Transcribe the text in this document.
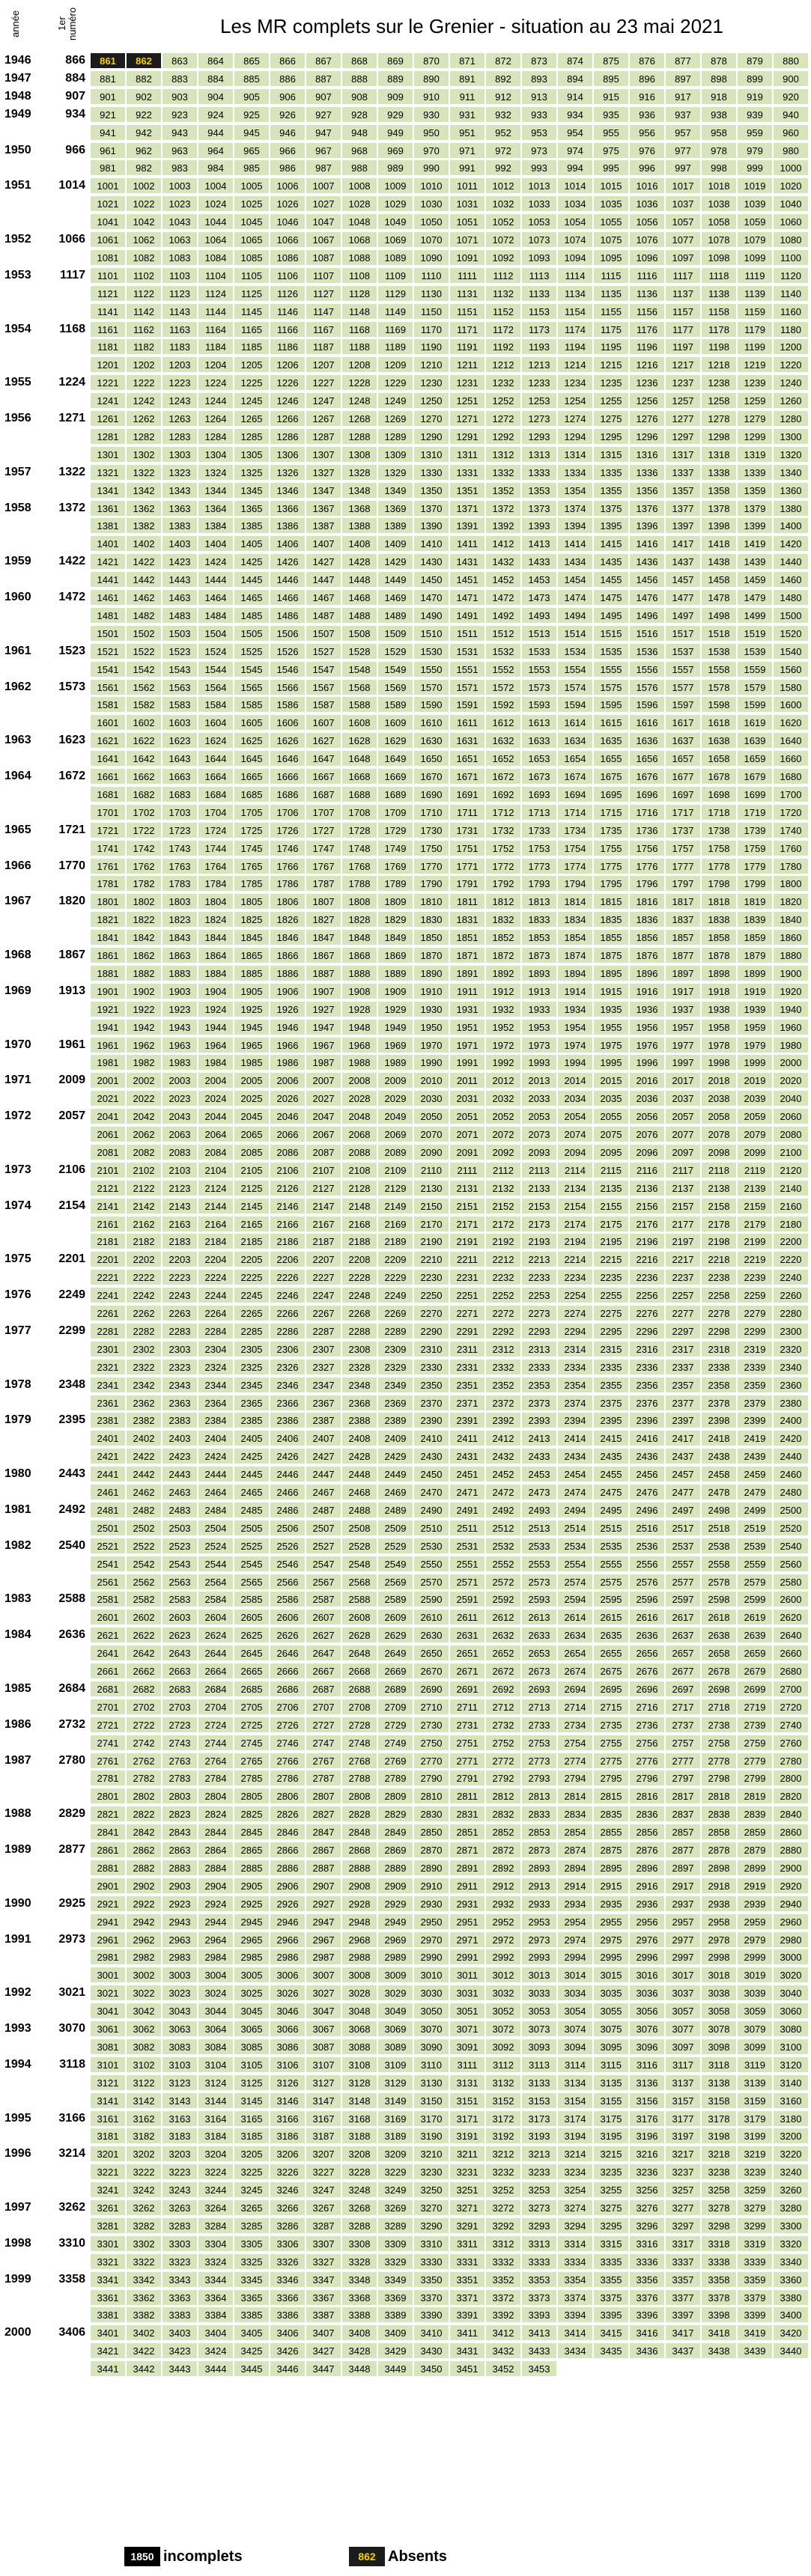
année	1er numéro	Les MR complets sur le Grenier - situation au 23 mai 2021
861	862	863	864	865	866	867	868	869	870	871	872	873	874	875	876	877	878	879	880
881	882	883	884	885	886	887	888	889	890	891	892	893	894	895	896	897	898	899	900
901	902	903	904	905	906	907	908	909	910	911	912	913	914	915	916	917	918	919	920
921	922	923	924	925	926	927	928	929	930	931	932	933	934	935	936	937	938	939	940
941	942	943	944	945	946	947	948	949	950	951	952	953	954	955	956	957	958	959	960
961	962	963	964	965	966	967	968	969	970	971	972	973	974	975	976	977	978	979	980
981	982	983	984	985	986	987	988	989	990	991	992	993	994	995	996	997	998	999	1000
1001	1002	1003	1004	1005	1006	1007	1008	1009	1010	1011	1012	1013	1014	1015	1016	1017	1018	1019	1020
1021	1022	1023	1024	1025	1026	1027	1028	1029	1030	1031	1032	1033	1034	1035	1036	1037	1038	1039	1040
1041	1042	1043	1044	1045	1046	1047	1048	1049	1050	1051	1052	1053	1054	1055	1056	1057	1058	1059	1060
1061	1062	1063	1064	1065	1066	1067	1068	1069	1070	1071	1072	1073	1074	1075	1076	1077	1078	1079	1080
1081	1082	1083	1084	1085	1086	1087	1088	1089	1090	1091	1092	1093	1094	1095	1096	1097	1098	1099	1100
1101	1102	1103	1104	1105	1106	1107	1108	1109	1110	1111	1112	1113	1114	1115	1116	1117	1118	1119	1120
1121	1122	1123	1124	1125	1126	1127	1128	1129	1130	1131	1132	1133	1134	1135	1136	1137	1138	1139	1140
1141	1142	1143	1144	1145	1146	1147	1148	1149	1150	1151	1152	1153	1154	1155	1156	1157	1158	1159	1160
1161	1162	1163	1164	1165	1166	1167	1168	1169	1170	1171	1172	1173	1174	1175	1176	1177	1178	1179	1180
1181	1182	1183	1184	1185	1186	1187	1188	1189	1190	1191	1192	1193	1194	1195	1196	1197	1198	1199	1200
1201	1202	1203	1204	1205	1206	1207	1208	1209	1210	1211	1212	1213	1214	1215	1216	1217	1218	1219	1220
1221	1222	1223	1224	1225	1226	1227	1228	1229	1230	1231	1232	1233	1234	1235	1236	1237	1238	1239	1240
1241	1242	1243	1244	1245	1246	1247	1248	1249	1250	1251	1252	1253	1254	1255	1256	1257	1258	1259	1260
1261	1262	1263	1264	1265	1266	1267	1268	1269	1270	1271	1272	1273	1274	1275	1276	1277	1278	1279	1280
1281	1282	1283	1284	1285	1286	1287	1288	1289	1290	1291	1292	1293	1294	1295	1296	1297	1298	1299	1300
1301	1302	1303	1304	1305	1306	1307	1308	1309	1310	1311	1312	1313	1314	1315	1316	1317	1318	1319	1320
1321	1322	1323	1324	1325	1326	1327	1328	1329	1330	1331	1332	1333	1334	1335	1336	1337	1338	1339	1340
1341	1342	1343	1344	1345	1346	1347	1348	1349	1350	1351	1352	1353	1354	1355	1356	1357	1358	1359	1360
1361	1362	1363	1364	1365	1366	1367	1368	1369	1370	1371	1372	1373	1374	1375	1376	1377	1378	1379	1380
1381	1382	1383	1384	1385	1386	1387	1388	1389	1390	1391	1392	1393	1394	1395	1396	1397	1398	1399	1400
1401	1402	1403	1404	1405	1406	1407	1408	1409	1410	1411	1412	1413	1414	1415	1416	1417	1418	1419	1420
1421	1422	1423	1424	1425	1426	1427	1428	1429	1430	1431	1432	1433	1434	1435	1436	1437	1438	1439	1440
1441	1442	1443	1444	1445	1446	1447	1448	1449	1450	1451	1452	1453	1454	1455	1456	1457	1458	1459	1460
1461	1462	1463	1464	1465	1466	1467	1468	1469	1470	1471	1472	1473	1474	1475	1476	1477	1478	1479	1480
1481	1482	1483	1484	1485	1486	1487	1488	1489	1490	1491	1492	1493	1494	1495	1496	1497	1498	1499	1500
1501	1502	1503	1504	1505	1506	1507	1508	1509	1510	1511	1512	1513	1514	1515	1516	1517	1518	1519	1520
1521	1522	1523	1524	1525	1526	1527	1528	1529	1530	1531	1532	1533	1534	1535	1536	1537	1538	1539	1540
1541	1542	1543	1544	1545	1546	1547	1548	1549	1550	1551	1552	1553	1554	1555	1556	1557	1558	1559	1560
1561	1562	1563	1564	1565	1566	1567	1568	1569	1570	1571	1572	1573	1574	1575	1576	1577	1578	1579	1580
1581	1582	1583	1584	1585	1586	1587	1588	1589	1590	1591	1592	1593	1594	1595	1596	1597	1598	1599	1600
1601	1602	1603	1604	1605	1606	1607	1608	1609	1610	1611	1612	1613	1614	1615	1616	1617	1618	1619	1620
1621	1622	1623	1624	1625	1626	1627	1628	1629	1630	1631	1632	1633	1634	1635	1636	1637	1638	1639	1640
1641	1642	1643	1644	1645	1646	1647	1648	1649	1650	1651	1652	1653	1654	1655	1656	1657	1658	1659	1660
1661	1662	1663	1664	1665	1666	1667	1668	1669	1670	1671	1672	1673	1674	1675	1676	1677	1678	1679	1680
1681	1682	1683	1684	1685	1686	1687	1688	1689	1690	1691	1692	1693	1694	1695	1696	1697	1698	1699	1700
1701	1702	1703	1704	1705	1706	1707	1708	1709	1710	1711	1712	1713	1714	1715	1716	1717	1718	1719	1720
1721	1722	1723	1724	1725	1726	1727	1728	1729	1730	1731	1732	1733	1734	1735	1736	1737	1738	1739	1740
1741	1742	1743	1744	1745	1746	1747	1748	1749	1750	1751	1752	1753	1754	1755	1756	1757	1758	1759	1760
1761	1762	1763	1764	1765	1766	1767	1768	1769	1770	1771	1772	1773	1774	1775	1776	1777	1778	1779	1780
1781	1782	1783	1784	1785	1786	1787	1788	1789	1790	1791	1792	1793	1794	1795	1796	1797	1798	1799	1800
1801	1802	1803	1804	1805	1806	1807	1808	1809	1810	1811	1812	1813	1814	1815	1816	1817	1818	1819	1820
1821	1822	1823	1824	1825	1826	1827	1828	1829	1830	1831	1832	1833	1834	1835	1836	1837	1838	1839	1840
1841	1842	1843	1844	1845	1846	1847	1848	1849	1850	1851	1852	1853	1854	1855	1856	1857	1858	1859	1860
1861	1862	1863	1864	1865	1866	1867	1868	1869	1870	1871	1872	1873	1874	1875	1876	1877	1878	1879	1880
1881	1882	1883	1884	1885	1886	1887	1888	1889	1890	1891	1892	1893	1894	1895	1896	1897	1898	1899	1900
1901	1902	1903	1904	1905	1906	1907	1908	1909	1910	1911	1912	1913	1914	1915	1916	1917	1918	1919	1920
1921	1922	1923	1924	1925	1926	1927	1928	1929	1930	1931	1932	1933	1934	1935	1936	1937	1938	1939	1940
1941	1942	1943	1944	1945	1946	1947	1948	1949	1950	1951	1952	1953	1954	1955	1956	1957	1958	1959	1960
1961	1962	1963	1964	1965	1966	1967	1968	1969	1970	1971	1972	1973	1974	1975	1976	1977	1978	1979	1980
1981	1982	1983	1984	1985	1986	1987	1988	1989	1990	1991	1992	1993	1994	1995	1996	1997	1998	1999	2000
2001	2002	2003	2004	2005	2006	2007	2008	2009	2010	2011	2012	2013	2014	2015	2016	2017	2018	2019	2020
2021	2022	2023	2024	2025	2026	2027	2028	2029	2030	2031	2032	2033	2034	2035	2036	2037	2038	2039	2040
2041	2042	2043	2044	2045	2046	2047	2048	2049	2050	2051	2052	2053	2054	2055	2056	2057	2058	2059	2060
2061	2062	2063	2064	2065	2066	2067	2068	2069	2070	2071	2072	2073	2074	2075	2076	2077	2078	2079	2080
2081	2082	2083	2084	2085	2086	2087	2088	2089	2090	2091	2092	2093	2094	2095	2096	2097	2098	2099	2100
2101	2102	2103	2104	2105	2106	2107	2108	2109	2110	2111	2112	2113	2114	2115	2116	2117	2118	2119	2120
2121	2122	2123	2124	2125	2126	2127	2128	2129	2130	2131	2132	2133	2134	2135	2136	2137	2138	2139	2140
2141	2142	2143	2144	2145	2146	2147	2148	2149	2150	2151	2152	2153	2154	2155	2156	2157	2158	2159	2160
2161	2162	2163	2164	2165	2166	2167	2168	2169	2170	2171	2172	2173	2174	2175	2176	2177	2178	2179	2180
2181	2182	2183	2184	2185	2186	2187	2188	2189	2190	2191	2192	2193	2194	2195	2196	2197	2198	2199	2200
2201	2202	2203	2204	2205	2206	2207	2208	2209	2210	2211	2212	2213	2214	2215	2216	2217	2218	2219	2220
2221	2222	2223	2224	2225	2226	2227	2228	2229	2230	2231	2232	2233	2234	2235	2236	2237	2238	2239	2240
2241	2242	2243	2244	2245	2246	2247	2248	2249	2250	2251	2252	2253	2254	2255	2256	2257	2258	2259	2260
2261	2262	2263	2264	2265	2266	2267	2268	2269	2270	2271	2272	2273	2274	2275	2276	2277	2278	2279	2280
2281	2282	2283	2284	2285	2286	2287	2288	2289	2290	2291	2292	2293	2294	2295	2296	2297	2298	2299	2300
2301	2302	2303	2304	2305	2306	2307	2308	2309	2310	2311	2312	2313	2314	2315	2316	2317	2318	2319	2320
2321	2322	2323	2324	2325	2326	2327	2328	2329	2330	2331	2332	2333	2334	2335	2336	2337	2338	2339	2340
2341	2342	2343	2344	2345	2346	2347	2348	2349	2350	2351	2352	2353	2354	2355	2356	2357	2358	2359	2360
2361	2362	2363	2364	2365	2366	2367	2368	2369	2370	2371	2372	2373	2374	2375	2376	2377	2378	2379	2380
2381	2382	2383	2384	2385	2386	2387	2388	2389	2390	2391	2392	2393	2394	2395	2396	2397	2398	2399	2400
2401	2402	2403	2404	2405	2406	2407	2408	2409	2410	2411	2412	2413	2414	2415	2416	2417	2418	2419	2420
2421	2422	2423	2424	2425	2426	2427	2428	2429	2430	2431	2432	2433	2434	2435	2436	2437	2438	2439	2440
2441	2442	2443	2444	2445	2446	2447	2448	2449	2450	2451	2452	2453	2454	2455	2456	2457	2458	2459	2460
2461	2462	2463	2464	2465	2466	2467	2468	2469	2470	2471	2472	2473	2474	2475	2476	2477	2478	2479	2480
2481	2482	2483	2484	2485	2486	2487	2488	2489	2490	2491	2492	2493	2494	2495	2496	2497	2498	2499	2500
2501	2502	2503	2504	2505	2506	2507	2508	2509	2510	2511	2512	2513	2514	2515	2516	2517	2518	2519	2520
2521	2522	2523	2524	2525	2526	2527	2528	2529	2530	2531	2532	2533	2534	2535	2536	2537	2538	2539	2540
2541	2542	2543	2544	2545	2546	2547	2548	2549	2550	2551	2552	2553	2554	2555	2556	2557	2558	2559	2560
2561	2562	2563	2564	2565	2566	2567	2568	2569	2570	2571	2572	2573	2574	2575	2576	2577	2578	2579	2580
2581	2582	2583	2584	2585	2586	2587	2588	2589	2590	2591	2592	2593	2594	2595	2596	2597	2598	2599	2600
2601	2602	2603	2604	2605	2606	2607	2608	2609	2610	2611	2612	2613	2614	2615	2616	2617	2618	2619	2620
2621	2622	2623	2624	2625	2626	2627	2628	2629	2630	2631	2632	2633	2634	2635	2636	2637	2638	2639	2640
2641	2642	2643	2644	2645	2646	2647	2648	2649	2650	2651	2652	2653	2654	2655	2656	2657	2658	2659	2660
2661	2662	2663	2664	2665	2666	2667	2668	2669	2670	2671	2672	2673	2674	2675	2676	2677	2678	2679	2680
2681	2682	2683	2684	2685	2686	2687	2688	2689	2690	2691	2692	2693	2694	2695	2696	2697	2698	2699	2700
2701	2702	2703	2704	2705	2706	2707	2708	2709	2710	2711	2712	2713	2714	2715	2716	2717	2718	2719	2720
2721	2722	2723	2724	2725	2726	2727	2728	2729	2730	2731	2732	2733	2734	2735	2736	2737	2738	2739	2740
2741	2742	2743	2744	2745	2746	2747	2748	2749	2750	2751	2752	2753	2754	2755	2756	2757	2758	2759	2760
2761	2762	2763	2764	2765	2766	2767	2768	2769	2770	2771	2772	2773	2774	2775	2776	2777	2778	2779	2780
2781	2782	2783	2784	2785	2786	2787	2788	2789	2790	2791	2792	2793	2794	2795	2796	2797	2798	2799	2800
2801	2802	2803	2804	2805	2806	2807	2808	2809	2810	2811	2812	2813	2814	2815	2816	2817	2818	2819	2820
2821	2822	2823	2824	2825	2826	2827	2828	2829	2830	2831	2832	2833	2834	2835	2836	2837	2838	2839	2840
2841	2842	2843	2844	2845	2846	2847	2848	2849	2850	2851	2852	2853	2854	2855	2856	2857	2858	2859	2860
2861	2862	2863	2864	2865	2866	2867	2868	2869	2870	2871	2872	2873	2874	2875	2876	2877	2878	2879	2880
2881	2882	2883	2884	2885	2886	2887	2888	2889	2890	2891	2892	2893	2894	2895	2896	2897	2898	2899	2900
2901	2902	2903	2904	2905	2906	2907	2908	2909	2910	2911	2912	2913	2914	2915	2916	2917	2918	2919	2920
2921	2922	2923	2924	2925	2926	2927	2928	2929	2930	2931	2932	2933	2934	2935	2936	2937	2938	2939	2940
2941	2942	2943	2944	2945	2946	2947	2948	2949	2950	2951	2952	2953	2954	2955	2956	2957	2958	2959	2960
2961	2962	2963	2964	2965	2966	2967	2968	2969	2970	2971	2972	2973	2974	2975	2976	2977	2978	2979	2980
2981	2982	2983	2984	2985	2986	2987	2988	2989	2990	2991	2992	2993	2994	2995	2996	2997	2998	2999	3000
3001	3002	3003	3004	3005	3006	3007	3008	3009	3010	3011	3012	3013	3014	3015	3016	3017	3018	3019	3020
3021	3022	3023	3024	3025	3026	3027	3028	3029	3030	3031	3032	3033	3034	3035	3036	3037	3038	3039	3040
3041	3042	3043	3044	3045	3046	3047	3048	3049	3050	3051	3052	3053	3054	3055	3056	3057	3058	3059	3060
3061	3062	3063	3064	3065	3066	3067	3068	3069	3070	3071	3072	3073	3074	3075	3076	3077	3078	3079	3080
3081	3082	3083	3084	3085	3086	3087	3088	3089	3090	3091	3092	3093	3094	3095	3096	3097	3098	3099	3100
3101	3102	3103	3104	3105	3106	3107	3108	3109	3110	3111	3112	3113	3114	3115	3116	3117	3118	3119	3120
3121	3122	3123	3124	3125	3126	3127	3128	3129	3130	3131	3132	3133	3134	3135	3136	3137	3138	3139	3140
3141	3142	3143	3144	3145	3146	3147	3148	3149	3150	3151	3152	3153	3154	3155	3156	3157	3158	3159	3160
3161	3162	3163	3164	3165	3166	3167	3168	3169	3170	3171	3172	3173	3174	3175	3176	3177	3178	3179	3180
3181	3182	3183	3184	3185	3186	3187	3188	3189	3190	3191	3192	3193	3194	3195	3196	3197	3198	3199	3200
3201	3202	3203	3204	3205	3206	3207	3208	3209	3210	3211	3212	3213	3214	3215	3216	3217	3218	3219	3220
3221	3222	3223	3224	3225	3226	3227	3228	3229	3230	3231	3232	3233	3234	3235	3236	3237	3238	3239	3240
3241	3242	3243	3244	3245	3246	3247	3248	3249	3250	3251	3252	3253	3254	3255	3256	3257	3258	3259	3260
3261	3262	3263	3264	3265	3266	3267	3268	3269	3270	3271	3272	3273	3274	3275	3276	3277	3278	3279	3280
3281	3282	3283	3284	3285	3286	3287	3288	3289	3290	3291	3292	3293	3294	3295	3296	3297	3298	3299	3300
3301	3302	3303	3304	3305	3306	3307	3308	3309	3310	3311	3312	3313	3314	3315	3316	3317	3318	3319	3320
3321	3322	3323	3324	3325	3326	3327	3328	3329	3330	3331	3332	3333	3334	3335	3336	3337	3338	3339	3340
3341	3342	3343	3344	3345	3346	3347	3348	3349	3350	3351	3352	3353	3354	3355	3356	3357	3358	3359	3360
3361	3362	3363	3364	3365	3366	3367	3368	3369	3370	3371	3372	3373	3374	3375	3376	3377	3378	3379	3380
3381	3382	3383	3384	3385	3386	3387	3388	3389	3390	3391	3392	3393	3394	3395	3396	3397	3398	3399	3400
3401	3402	3403	3404	3405	3406	3407	3408	3409	3410	3411	3412	3413	3414	3415	3416	3417	3418	3419	3420
3421	3422	3423	3424	3425	3426	3427	3428	3429	3430	3431	3432	3433	3434	3435	3436	3437	3438	3439	3440
3441	3442	3443	3444	3445	3446	3447	3448	3449	3450	3451	3452	3453
1946	866
1947	884
1948	907
1949	934
1950	966
1951	1014
1952	1066
1953	1117
1954	1168
1955	1224
1956	1271
1957	1322
1958	1372
1959	1422
1960	1472
1961	1523
1962	1573
1963	1623
1964	1672
1965	1721
1966	1770
1967	1820
1968	1867
1969	1913
1970	1961
1971	2009
1972	2057
1973	2106
1974	2154
1975	2201
1976	2249
1977	2299
1978	2348
1979	2395
1980	2443
1981	2492
1982	2540
1983	2588
1984	2636
1985	2684
1986	2732
1987	2780
1988	2829
1989	2877
1990	2925
1991	2973
1992	3021
1993	3070
1994	3118
1995	3166
1996	3214
1997	3262
1998	3310
1999	3358
2000	3406
1850 incomplets	862 Absents
